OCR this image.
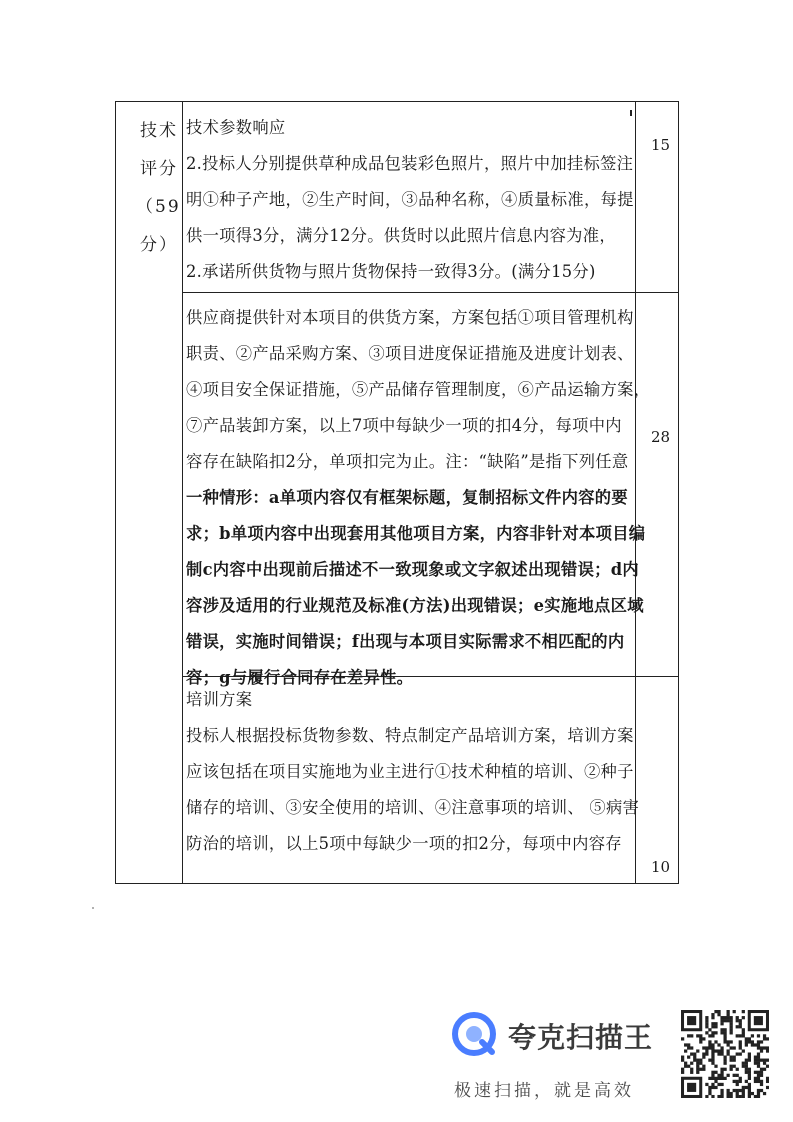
技术
评分
（59
分）
技术参数响应
2.投标人分别提供草种成品包装彩色照片，照片中加挂标签注
明①种子产地，②生产时间，③品种名称，④质量标准，每提
供一项得3分，满分12分。供货时以此照片信息内容为准，
2.承诺所供货物与照片货物保持一致得3分。(满分15分)
15
供应商提供针对本项目的供货方案，方案包括①项目管理机构
职责、②产品采购方案、③项目进度保证措施及进度计划表、
④项目安全保证措施，⑤产品储存管理制度，⑥产品运输方案，
⑦产品装卸方案，以上7项中每缺少一项的扣4分，每项中内
容存在缺陷扣2分，单项扣完为止。注：“缺陷”是指下列任意
一种情形：a单项内容仅有框架标题，复制招标文件内容的要
求；b单项内容中出现套用其他项目方案，内容非针对本项目编
制c内容中出现前后描述不一致现象或文字叙述出现错误；d内
容涉及适用的行业规范及标准(方法)出现错误；e实施地点区域
错误，实施时间错误；f出现与本项目实际需求不相匹配的内
容；g与履行合同存在差异性。
28
培训方案
投标人根据投标货物参数、特点制定产品培训方案，培训方案
应该包括在项目实施地为业主进行①技术种植的培训、②种子
储存的培训、③安全使用的培训、④注意事项的培训、 ⑤病害
防治的培训，以上5项中每缺少一项的扣2分，每项中内容存
10
夸克扫描王
极速扫描，就是高效
